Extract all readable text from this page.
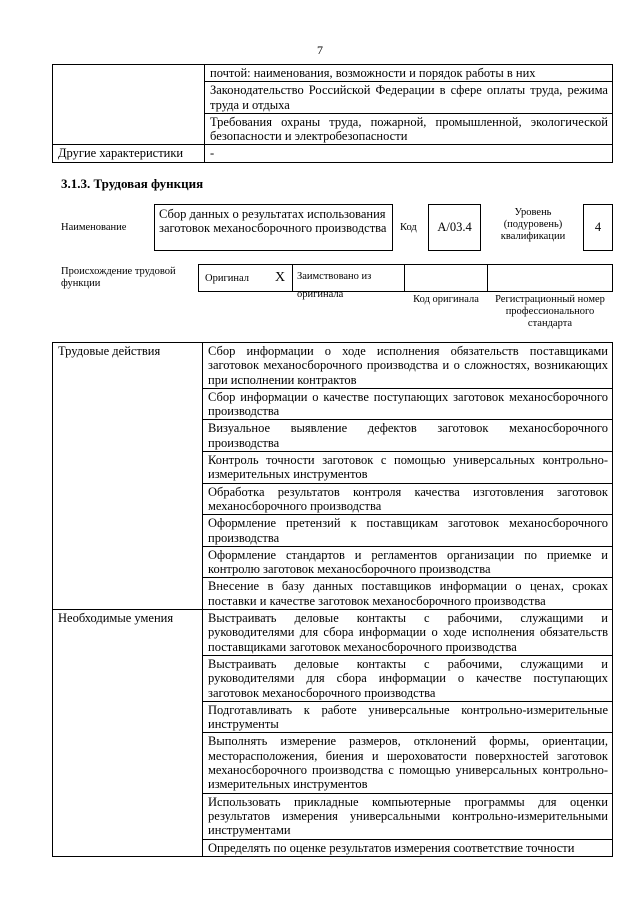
7
	почтой: наименования, возможности и порядок работы в них
	Законодательство Российской Федерации в сфере оплаты труда, режима труда и отдыха
	Требования охраны труда, пожарной, промышленной, экологической безопасности и электробезопасности
Другие характеристики	-
3.1.3. Трудовая функция
Наименование
Сбор данных о результатах использования заготовок механосборочного производства	Код	А/03.4
Уровень (подуровень) квалификации
4
Происхождение трудовой функции	Оригинал X	Заимствовано из оригинала	Код оригинала	Регистрационный номер профессионального стандарта
Трудовые действия	Сбор информации о ходе исполнения обязательств поставщиками заготовок механосборочного производства и о сложностях, возникающих при исполнении контрактов
	Сбор информации о качестве поступающих заготовок механосборочного производства
	Визуальное выявление дефектов заготовок механосборочного производства
	Контроль точности заготовок с помощью универсальных контрольно-измерительных инструментов
	Обработка результатов контроля качества изготовления заготовок механосборочного производства
	Оформление претензий к поставщикам заготовок механосборочного производства
	Оформление стандартов и регламентов организации по приемке и контролю заготовок механосборочного производства
	Внесение в базу данных поставщиков информации о ценах, сроках поставки и качестве заготовок механосборочного производства
Необходимые умения	Выстраивать деловые контакты с рабочими, служащими и руководителями для сбора информации о ходе исполнения обязательств поставщиками заготовок механосборочного производства
	Выстраивать деловые контакты с рабочими, служащими и руководителями для сбора информации о качестве поступающих заготовок механосборочного производства
	Подготавливать к работе универсальные контрольно-измерительные инструменты
	Выполнять измерение размеров, отклонений формы, ориентации, месторасположения, биения и шероховатости поверхностей заготовок механосборочного производства с помощью универсальных контрольно-измерительных инструментов
	Использовать прикладные компьютерные программы для оценки результатов измерения универсальными контрольно-измерительными инструментами
	Определять по оценке результатов измерения соответствие точности
